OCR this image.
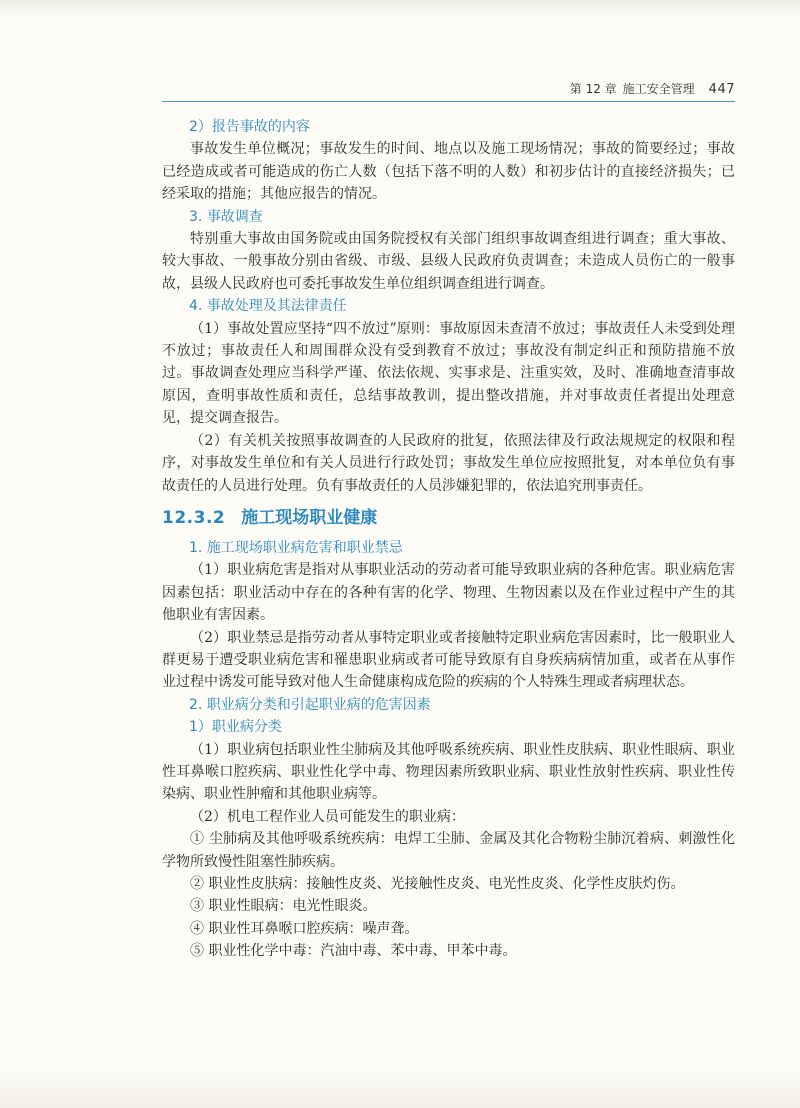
第 12 章 施工安全管理 447
2）报告事故的内容

事故发生单位概况；事故发生的时间、地点以及施工现场情况；事故的简要经过；事故已经造成或者可能造成的伤亡人数（包括下落不明的人数）和初步估计的直接经济损失；已经采取的措施；其他应报告的情况。

3. 事故调查

特别重大事故由国务院或由国务院授权有关部门组织事故调查组进行调查；重大事故、较大事故、一般事故分别由省级、市级、县级人民政府负责调查；未造成人员伤亡的一般事故，县级人民政府也可委托事故发生单位组织调查组进行调查。

4. 事故处理及其法律责任

（1）事故处置应坚持“四不放过”原则：事故原因未查清不放过；事故责任人未受到处理不放过；事故责任人和周围群众没有受到教育不放过；事故没有制定纠正和预防措施不放过。事故调查处理应当科学严谨、依法依规、实事求是、注重实效，及时、准确地查清事故原因，查明事故性质和责任，总结事故教训，提出整改措施，并对事故责任者提出处理意见，提交调查报告。

（2）有关机关按照事故调查的人民政府的批复，依照法律及行政法规规定的权限和程序，对事故发生单位和有关人员进行行政处罚；事故发生单位应按照批复，对本单位负有事故责任的人员进行处理。负有事故责任的人员涉嫌犯罪的，依法追究刑事责任。

12.3.2 施工现场职业健康
1. 施工现场职业病危害和职业禁忌

（1）职业病危害是指对从事职业活动的劳动者可能导致职业病的各种危害。职业病危害因素包括：职业活动中存在的各种有害的化学、物理、生物因素以及在作业过程中产生的其他职业有害因素。

（2）职业禁忌是指劳动者从事特定职业或者接触特定职业病危害因素时，比一般职业人群更易于遭受职业病危害和罹患职业病或者可能导致原有自身疾病病情加重，或者在从事作业过程中诱发可能导致对他人生命健康构成危险的疾病的个人特殊生理或者病理状态。

2. 职业病分类和引起职业病的危害因素
1）职业病分类

（1）职业病包括职业性尘肺病及其他呼吸系统疾病、职业性皮肤病、职业性眼病、职业性耳鼻喉口腔疾病、职业性化学中毒、物理因素所致职业病、职业性放射性疾病、职业性传染病、职业性肿瘤和其他职业病等。

（2）机电工程作业人员可能发生的职业病：

① 尘肺病及其他呼吸系统疾病：电焊工尘肺、金属及其化合物粉尘肺沉着病、刺激性化学物所致慢性阻塞性肺疾病。

② 职业性皮肤病：接触性皮炎、光接触性皮炎、电光性皮炎、化学性皮肤灼伤。

③ 职业性眼病：电光性眼炎。

④ 职业性耳鼻喉口腔疾病：噪声聋。

⑤ 职业性化学中毒：汽油中毒、苯中毒、甲苯中毒。
